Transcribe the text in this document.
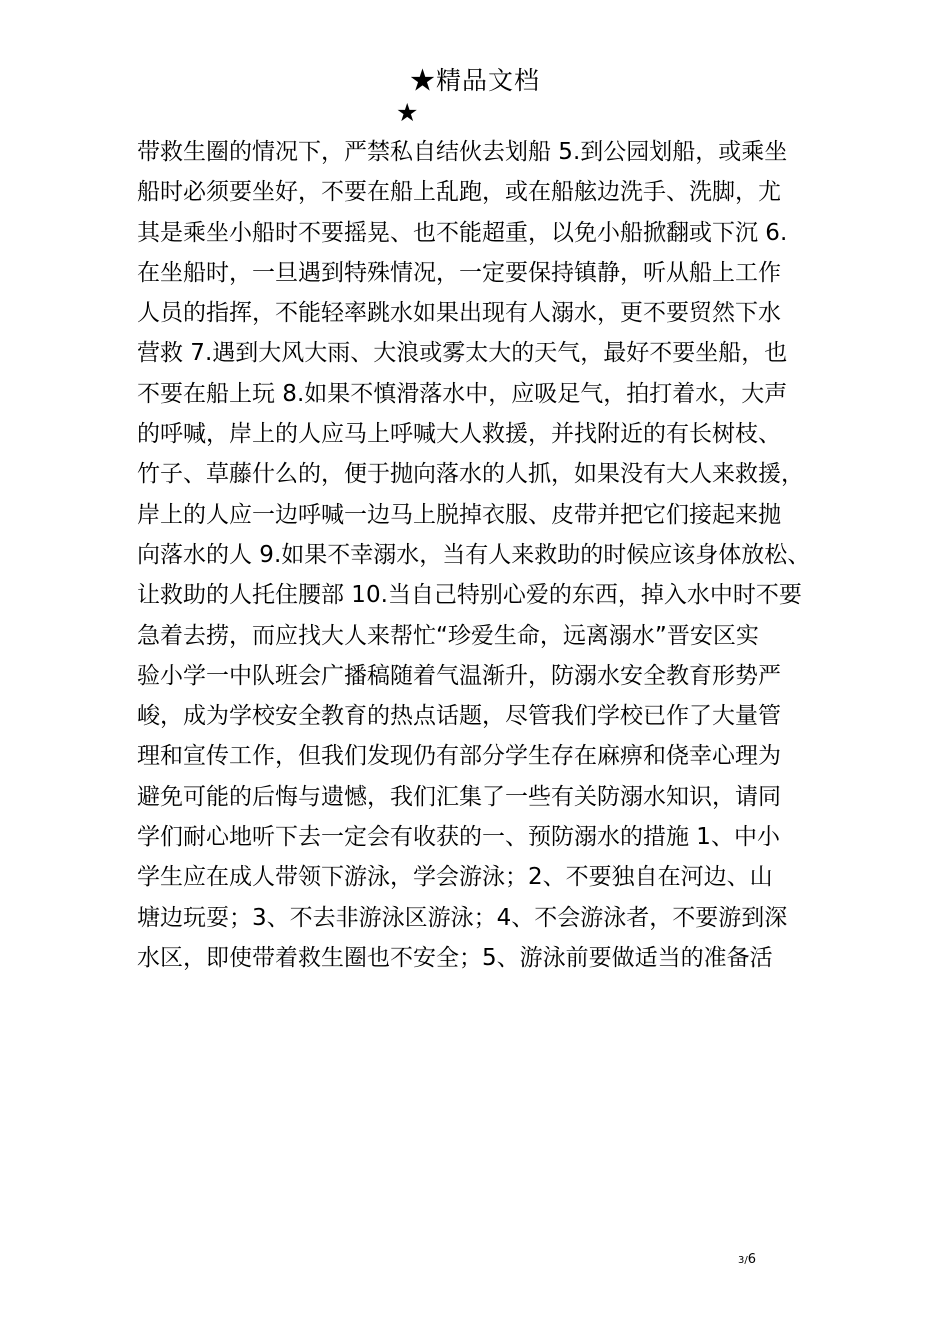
★精品文档
★
带救生圈的情况下，严禁私自结伙去划船 5.到公园划船，或乘坐
船时必须要坐好，不要在船上乱跑，或在船舷边洗手、洗脚，尤
其是乘坐小船时不要摇晃、也不能超重，以免小船掀翻或下沉 6.
在坐船时，一旦遇到特殊情况，一定要保持镇静，听从船上工作
人员的指挥，不能轻率跳水如果出现有人溺水，更不要贸然下水
营救 7.遇到大风大雨、大浪或雾太大的天气，最好不要坐船，也
不要在船上玩 8.如果不慎滑落水中，应吸足气，拍打着水，大声
的呼喊，岸上的人应马上呼喊大人救援，并找附近的有长树枝、
竹子、草藤什么的，便于抛向落水的人抓，如果没有大人来救援，
岸上的人应一边呼喊一边马上脱掉衣服、皮带并把它们接起来抛
向落水的人 9.如果不幸溺水，当有人来救助的时候应该身体放松、
让救助的人托住腰部 10.当自己特别心爱的东西，掉入水中时不要
急着去捞，而应找大人来帮忙“珍爱生命，远离溺水”晋安区实
验小学一中队班会广播稿随着气温渐升，防溺水安全教育形势严
峻，成为学校安全教育的热点话题，尽管我们学校已作了大量管
理和宣传工作，但我们发现仍有部分学生存在麻痹和侥幸心理为
避免可能的后悔与遗憾，我们汇集了一些有关防溺水知识，请同
学们耐心地听下去一定会有收获的一、预防溺水的措施 1、中小
学生应在成人带领下游泳，学会游泳；2、不要独自在河边、山
塘边玩耍；3、不去非游泳区游泳；4、不会游泳者，不要游到深
水区，即使带着救生圈也不安全；5、游泳前要做适当的准备活
3/6
